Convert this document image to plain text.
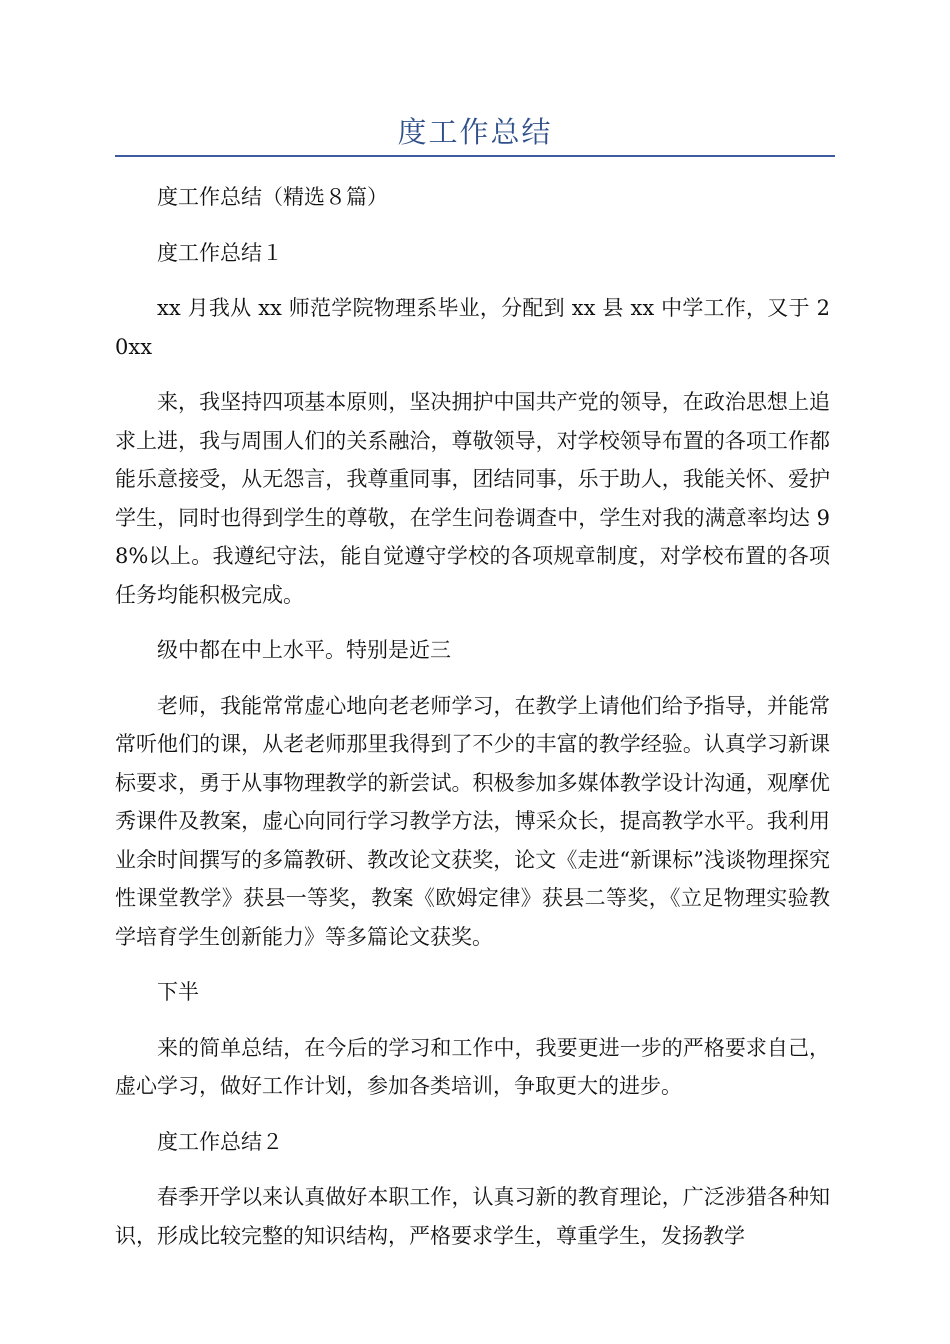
度工作总结

度工作总结（精选８篇）

度工作总结１

xx 月我从 xx 师范学院物理系毕业，分配到 xx 县 xx 中学工作，又于 20xx

来，我坚持四项基本原则，坚决拥护中国共产党的领导，在政治思想上追求上进，我与周围人们的关系融洽，尊敬领导，对学校领导布置的各项工作都能乐意接受，从无怨言，我尊重同事，团结同事，乐于助人，我能关怀、爱护学生，同时也得到学生的尊敬，在学生问卷调查中，学生对我的满意率均达 98%以上。我遵纪守法，能自觉遵守学校的各项规章制度，对学校布置的各项任务均能积极完成。

级中都在中上水平。特别是近三

老师，我能常常虚心地向老老师学习，在教学上请他们给予指导，并能常常听他们的课，从老老师那里我得到了不少的丰富的教学经验。认真学习新课标要求，勇于从事物理教学的新尝试。积极参加多媒体教学设计沟通，观摩优秀课件及教案，虚心向同行学习教学方法，博采众长，提高教学水平。我利用业余时间撰写的多篇教研、教改论文获奖，论文《走进“新课标”浅谈物理探究性课堂教学》获县一等奖，教案《欧姆定律》获县二等奖，《立足物理实验教学培育学生创新能力》等多篇论文获奖。

下半

来的简单总结，在今后的学习和工作中，我要更进一步的严格要求自己，虚心学习，做好工作计划，参加各类培训，争取更大的进步。

度工作总结２

春季开学以来认真做好本职工作，认真习新的教育理论，广泛涉猎各种知识，形成比较完整的知识结构，严格要求学生，尊重学生，发扬教学
